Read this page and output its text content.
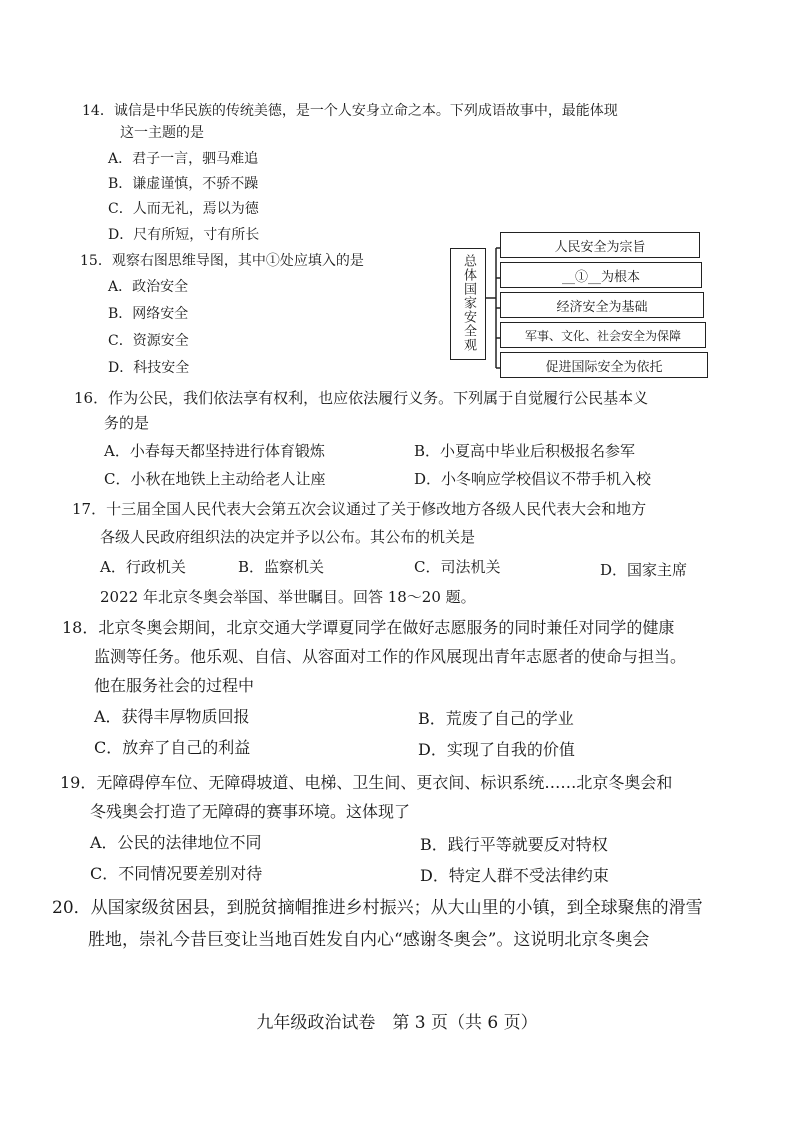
14．诚信是中华民族的传统美德，是一个人安身立命之本。下列成语故事中，最能体现
这一主题的是
A．君子一言，驷马难追
B．谦虚谨慎，不骄不躁
C．人而无礼，焉以为德
D．尺有所短，寸有所长
15．观察右图思维导图，其中①处应填入的是
A．政治安全
B．网络安全
C．资源安全
D．科技安全
总体国家安全观
人民安全为宗旨
__①__为根本
经济安全为基础
军事、文化、社会安全为保障
促进国际安全为依托
16．作为公民，我们依法享有权利，也应依法履行义务。下列属于自觉履行公民基本义
务的是
A．小春每天都坚持进行体育锻炼	B．小夏高中毕业后积极报名参军
C．小秋在地铁上主动给老人让座	D．小冬响应学校倡议不带手机入校
17．十三届全国人民代表大会第五次会议通过了关于修改地方各级人民代表大会和地方
各级人民政府组织法的决定并予以公布。其公布的机关是
A．行政机关	B．监察机关	C．司法机关	D．国家主席
2022 年北京冬奥会举国、举世瞩目。回答 18～20 题。
18．北京冬奥会期间，北京交通大学谭夏同学在做好志愿服务的同时兼任对同学的健康
监测等任务。他乐观、自信、从容面对工作的作风展现出青年志愿者的使命与担当。
他在服务社会的过程中
A．获得丰厚物质回报	B．荒废了自己的学业
C．放弃了自己的利益	D．实现了自我的价值
19．无障碍停车位、无障碍坡道、电梯、卫生间、更衣间、标识系统……北京冬奥会和
冬残奥会打造了无障碍的赛事环境。这体现了
A．公民的法律地位不同	B．践行平等就要反对特权
C．不同情况要差别对待	D．特定人群不受法律约束
20．从国家级贫困县，到脱贫摘帽推进乡村振兴；从大山里的小镇，到全球聚焦的滑雪
胜地，崇礼今昔巨变让当地百姓发自内心“感谢冬奥会”。这说明北京冬奥会
九年级政治试卷　第 3 页（共 6 页）
